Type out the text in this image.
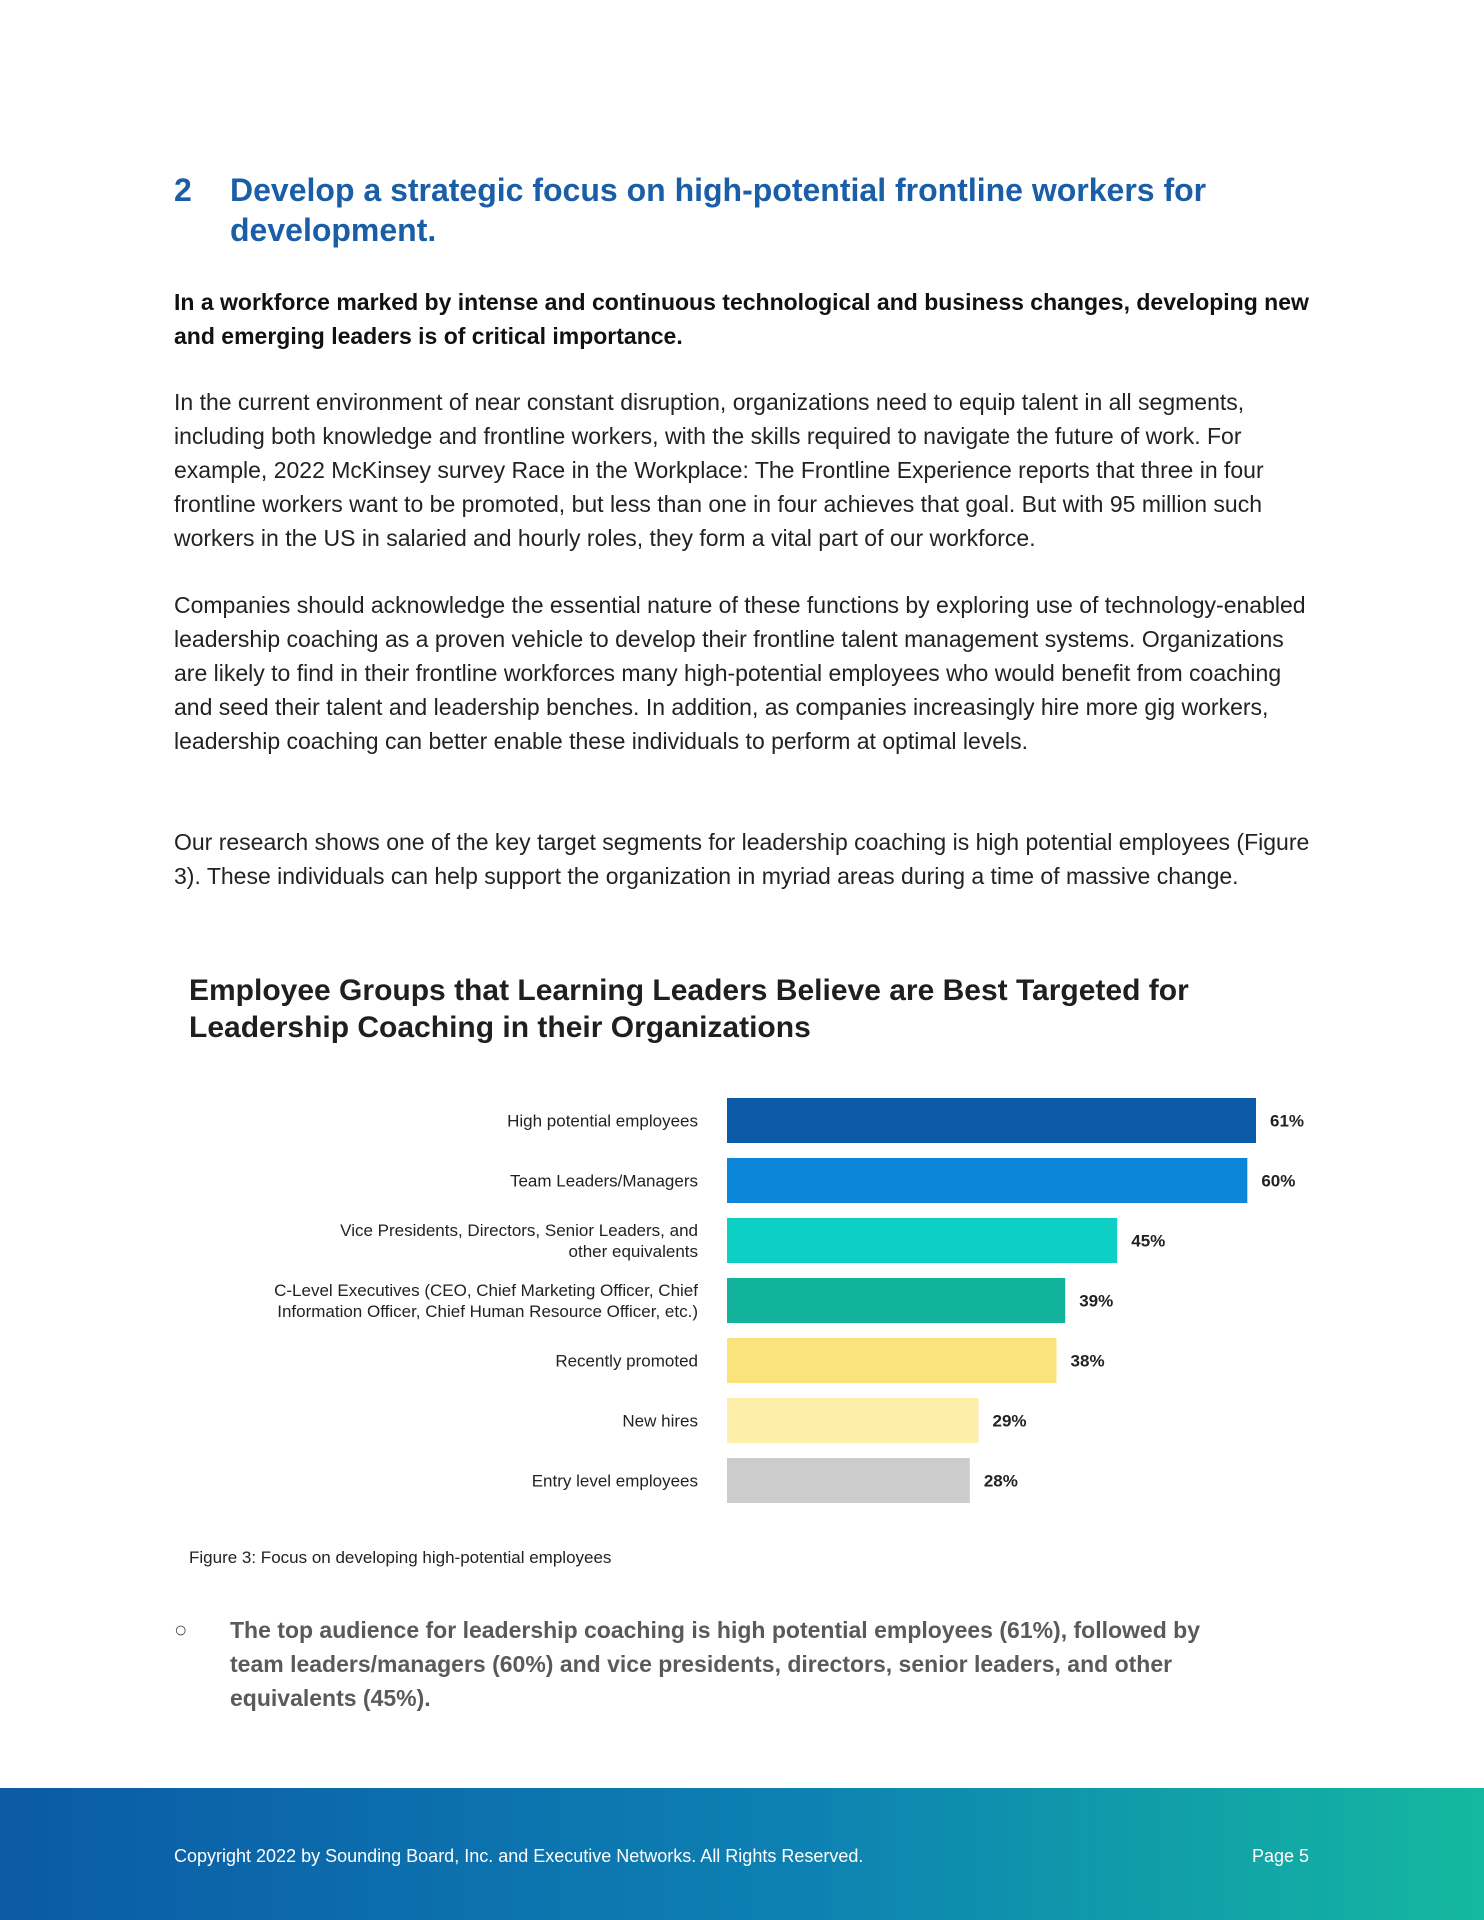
2	Develop a strategic focus on high-potential frontline workers for development.

In a workforce marked by intense and continuous technological and business changes, developing new and emerging leaders is of critical importance.

In the current environment of near constant disruption, organizations need to equip talent in all segments, including both knowledge and frontline workers, with the skills required to navigate the future of work. For example, 2022 McKinsey survey Race in the Workplace: The Frontline Experience reports that three in four frontline workers want to be promoted, but less than one in four achieves that goal. But with 95 million such workers in the US in salaried and hourly roles, they form a vital part of our workforce.

Companies should acknowledge the essential nature of these functions by exploring use of technology-enabled leadership coaching as a proven vehicle to develop their frontline talent management systems. Organizations are likely to find in their frontline workforces many high-potential employees who would benefit from coaching and seed their talent and leadership benches. In addition, as companies increasingly hire more gig workers, leadership coaching can better enable these individuals to perform at optimal levels.

Our research shows one of the key target segments for leadership coaching is high potential employees (Figure 3). These individuals can help support the organization in myriad areas during a time of massive change.

Employee Groups that Learning Leaders Believe are Best Targeted for Leadership Coaching in their Organizations
61%
High potential employees
60%
Team Leaders/Managers
45%
Vice Presidents, Directors, Senior Leaders, and other equivalents
39%
C-Level Executives (CEO, Chief Marketing Officer, Chief Information Officer, Chief Human Resource Officer, etc.)
38%
Recently promoted
29%
New hires
28%
Entry level employees
Figure 3: Focus on developing high-potential employees
○	The top audience for leadership coaching is high potential employees (61%), followed by team leaders/managers (60%) and vice presidents, directors, senior leaders, and other equivalents (45%).
Copyright 2022 by Sounding Board, Inc. and Executive Networks. All Rights Reserved.	Page 5
